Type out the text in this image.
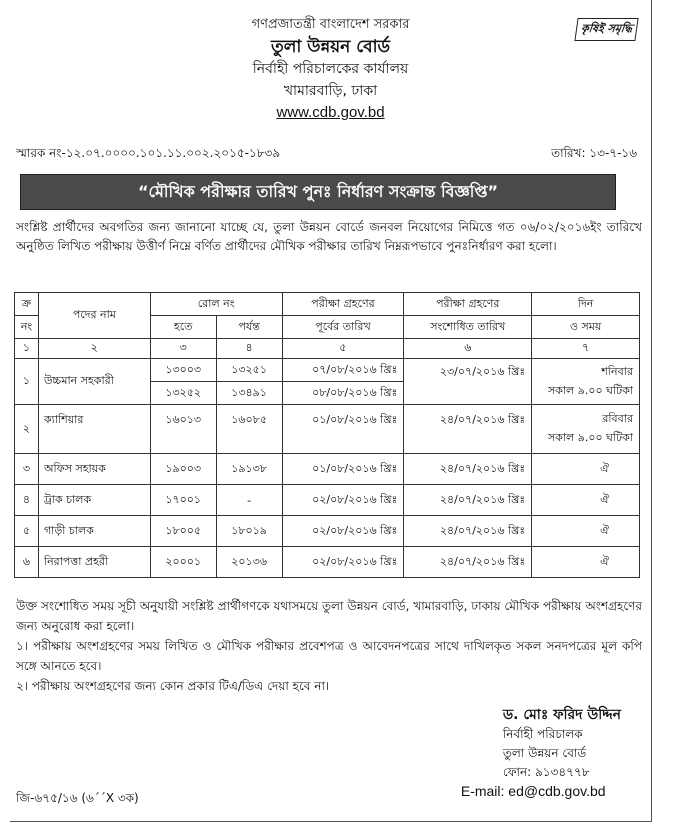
গণপ্রজাতন্ত্রী বাংলাদেশ সরকার
তুলা উন্নয়ন বোর্ড
নির্বাহী পরিচালকের কার্যালয়
খামারবাড়ি, ঢাকা
www.cdb.gov.bd
কৃষিই সমৃদ্ধি
স্মারক নং-১২.০৭.০০০০.১০১.১১.০০২.২০১৫-১৮৩৯	তারিখ: ১৩-৭-১৬
“মৌখিক পরীক্ষার তারিখ পুনঃ নির্ধারণ সংক্রান্ত বিজ্ঞপ্তি”
সংশ্লিষ্ট প্রার্থীদের অবগতির জন্য জানানো যাচ্ছে যে, তুলা উন্নয়ন বোর্ডে জনবল নিয়োগের নিমিত্তে গত ০৬/০২/২০১৬ইং তারিখে অনুষ্ঠিত লিখিত পরীক্ষায় উত্তীর্ণ নিম্নে বর্ণিত প্রার্থীদের মৌখিক পরীক্ষার তারিখ নিম্নরূপভাবে পুনঃনির্ধারণ করা হলো।
ক্র	পদের নাম	রোল নং		পরীক্ষা গ্রহণের	পরীক্ষা গ্রহণের	দিন
নং		হতে	পর্যন্ত	পূর্বের তারিখ	সংশোধিত তারিখ	ও সময়
১	২	৩	৪	৫	৬	৭
১	উচ্চমান সহকারী	১৩০০৩	১৩২৫১	০৭/০৮/২০১৬ খ্রিঃ	২৩/০৭/২০১৬ খ্রিঃ	শনিবার
সকাল ৯.০০ ঘটিকা

		১৩২৫২	১৩৪৯১	০৮/০৮/২০১৬ খ্রিঃ		
২	ক্যাশিয়ার	১৬০১৩	১৬০৮৫	০১/০৮/২০১৬ খ্রিঃ	২৪/০৭/২০১৬ খ্রিঃ	রবিবার
সকাল ৯.০০ ঘটিকা

৩	অফিস সহায়ক	১৯০০৩	১৯১৩৮	০১/০৮/২০১৬ খ্রিঃ	২৪/০৭/২০১৬ খ্রিঃ	ঐ
৪	ট্রাক চালক	১৭০০১	-	০২/০৮/২০১৬ খ্রিঃ	২৪/০৭/২০১৬ খ্রিঃ	ঐ
৫	গাড়ী চালক	১৮০০৫	১৮০১৯	০২/০৮/২০১৬ খ্রিঃ	২৪/০৭/২০১৬ খ্রিঃ	ঐ
৬	নিরাপত্তা প্রহরী	২০০০১	২০১৩৬	০২/০৮/২০১৬ খ্রিঃ	২৪/০৭/২০১৬ খ্রিঃ	ঐ
উক্ত সংশোধিত সময় সূচী অনুযায়ী সংশ্লিষ্ট প্রার্থীগণকে যথাসময়ে তুলা উন্নয়ন বোর্ড, খামারবাড়ি, ঢাকায় মৌখিক পরীক্ষায় অংশগ্রহণের জন্য অনুরোধ করা হলো।
১। পরীক্ষায় অংশগ্রহণের সময় লিখিত ও মৌখিক পরীক্ষার প্রবেশপত্র ও আবেদনপত্রের সাথে দাখিলকৃত সকল সনদপত্রের মূল কপি সঙ্গে আনতে হবে।
২। পরীক্ষায় অংশগ্রহণের জন্য কোন প্রকার টিএ/ডিএ দেয়া হবে না।
ড. মোঃ ফরিদ উদ্দিন
নির্বাহী পরিচালক
তুলা উন্নয়ন বোর্ড
ফোন: ৯১৩৪৭৭৮
E-mail: ed@cdb.gov.bd
জি-৬৭৫/১৬ (৬´´X ৩ক)
